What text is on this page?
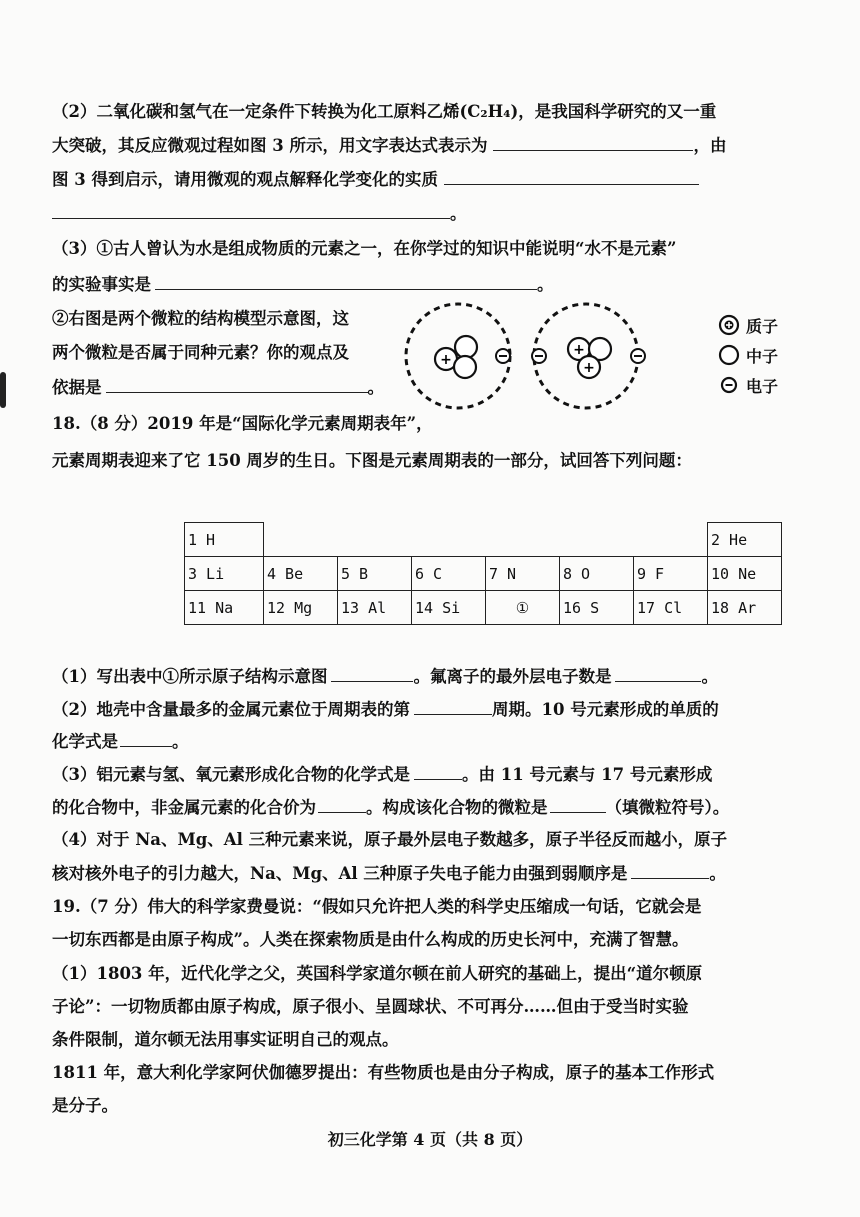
（2）二氧化碳和氢气在一定条件下转换为化工原料乙烯(C₂H₄)，是我国科学研究的又一重
大突破，其反应微观过程如图 3 所示，用文字表达式表示为	，由
图 3 得到启示，请用微观的观点解释化学变化的实质
。
（3）①古人曾认为水是组成物质的元素之一，在你学过的知识中能说明“水不是元素”
的实验事实是	。
②右图是两个微粒的结构模型示意图，这
两个微粒是否属于同种元素？你的观点及
依据是	。
+
+
+
质子
中子
电子
18.（8 分）2019 年是“国际化学元素周期表年”，
元素周期表迎来了它 150 周岁的生日。下图是元素周期表的一部分，试回答下列问题：
1 H							2 He
3 Li	4 Be	5 B	6 C	7 N	8 O	9 F	10 Ne
11 Na	12 Mg	13 Al	14 Si	①	16 S	17 Cl	18 Ar
（1）写出表中①所示原子结构示意图	。氟离子的最外层电子数是	。
（2）地壳中含量最多的金属元素位于周期表的第	周期。10 号元素形成的单质的
化学式是	。
（3）铝元素与氢、氧元素形成化合物的化学式是	。由 11 号元素与 17 号元素形成
的化合物中，非金属元素的化合价为	。构成该化合物的微粒是	（填微粒符号）。
（4）对于 Na、Mg、Al 三种元素来说，原子最外层电子数越多，原子半径反而越小，原子
核对核外电子的引力越大，Na、Mg、Al 三种原子失电子能力由强到弱顺序是	。
19.（7 分）伟大的科学家费曼说：“假如只允许把人类的科学史压缩成一句话，它就会是
一切东西都是由原子构成”。人类在探索物质是由什么构成的历史长河中，充满了智慧。
（1）1803 年，近代化学之父，英国科学家道尔顿在前人研究的基础上，提出“道尔顿原
子论”：一切物质都由原子构成，原子很小、呈圆球状、不可再分……但由于受当时实验
条件限制，道尔顿无法用事实证明自己的观点。
1811 年，意大利化学家阿伏伽德罗提出：有些物质也是由分子构成，原子的基本工作形式
是分子。
初三化学第 4 页（共 8 页）
